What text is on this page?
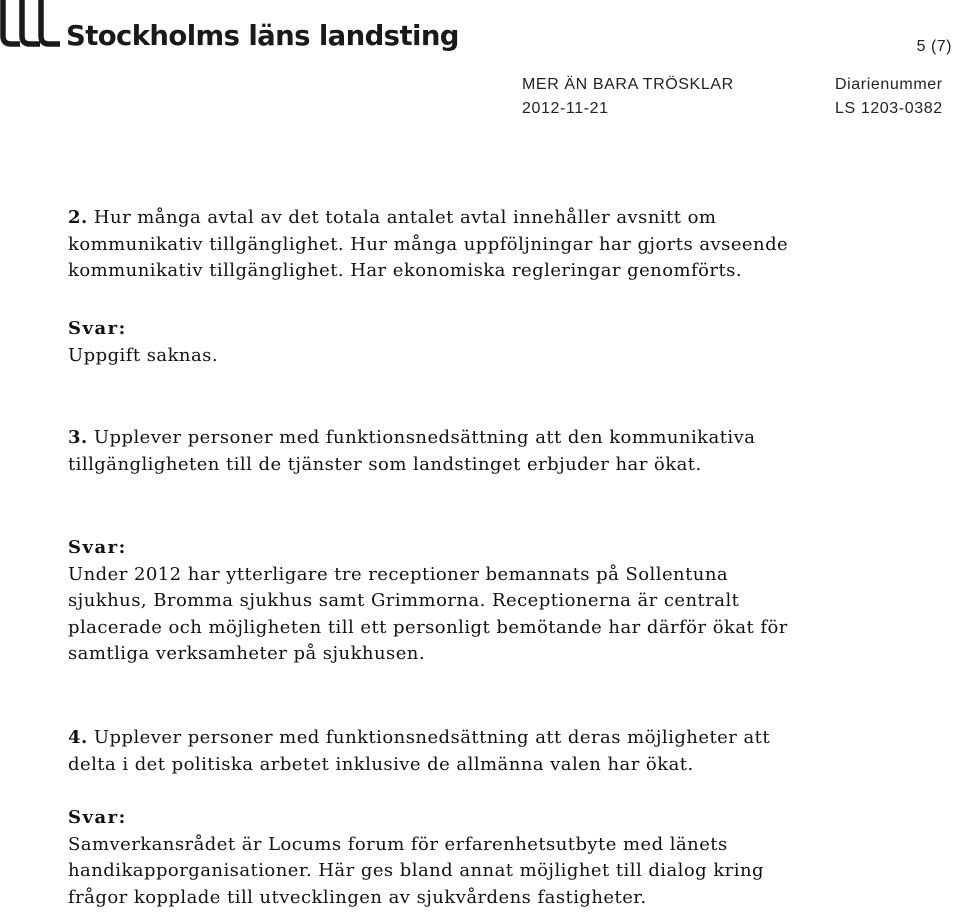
Stockholms läns landsting	5 (7)
MER ÄN BARA TRÖSKLAR
2012-11-21
Diarienummer
LS 1203-0382

2. Hur många avtal av det totala antalet avtal innehåller avsnitt om

kommunikativ tillgänglighet. Hur många uppföljningar har gjorts avseende

kommunikativ tillgänglighet. Har ekonomiska regleringar genomförts.

Svar:

Uppgift saknas.

3. Upplever personer med funktionsnedsättning att den kommunikativa

tillgängligheten till de tjänster som landstinget erbjuder har ökat.

Svar:

Under 2012 har ytterligare tre receptioner bemannats på Sollentuna

sjukhus, Bromma sjukhus samt Grimmorna. Receptionerna är centralt

placerade och möjligheten till ett personligt bemötande har därför ökat för

samtliga verksamheter på sjukhusen.

4. Upplever personer med funktionsnedsättning att deras möjligheter att

delta i det politiska arbetet inklusive de allmänna valen har ökat.

Svar:

Samverkansrådet är Locums forum för erfarenhetsutbyte med länets

handikapporganisationer. Här ges bland annat möjlighet till dialog kring

frågor kopplade till utvecklingen av sjukvårdens fastigheter.
